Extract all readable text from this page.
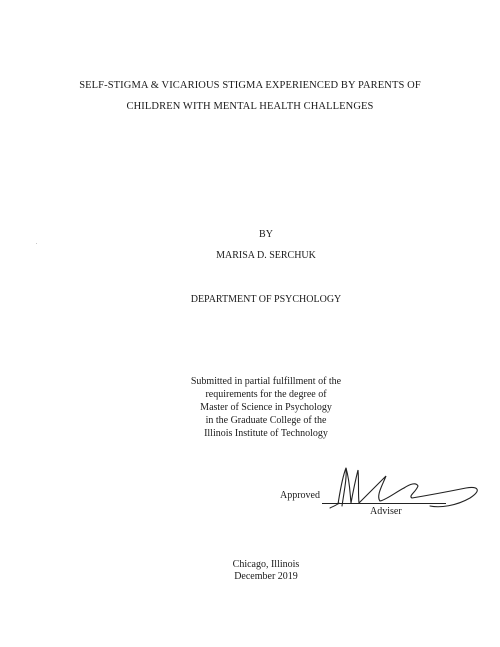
SELF-STIGMA & VICARIOUS STIGMA EXPERIENCED BY PARENTS OF
CHILDREN WITH MENTAL HEALTH CHALLENGES
BY
MARISA D. SERCHUK
DEPARTMENT OF PSYCHOLOGY
Submitted in partial fulfillment of the
requirements for the degree of
Master of Science in Psychology
in the Graduate College of the
Illinois Institute of Technology
Approved
Adviser
Chicago, Illinois
December 2019
